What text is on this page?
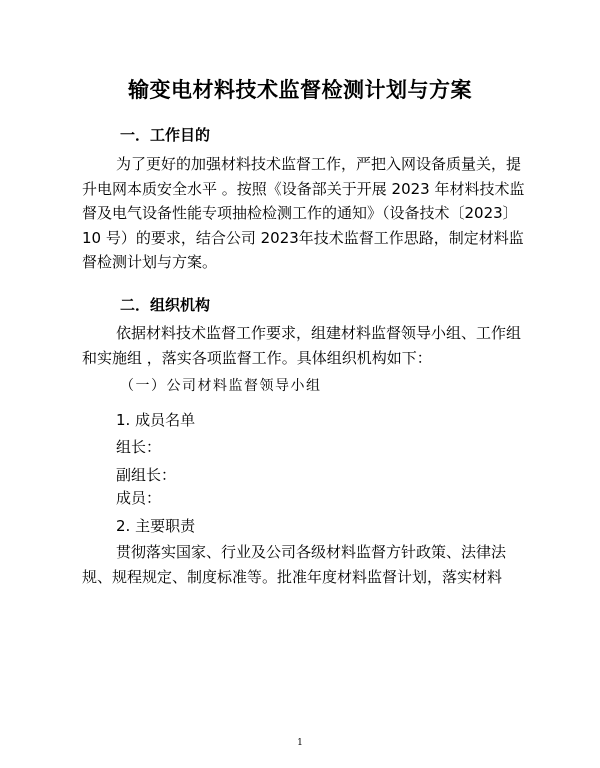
输变电材料技术监督检测计划与方案
一．工作目的
为了更好的加强材料技术监督工作，严把入网设备质量关，提升电网本质安全水平 。按照《设备部关于开展 2023 年材料技术监督及电气设备性能专项抽检检测工作的通知》（设备技术〔2023〕10 号）的要求，结合公司 2023年技术监督工作思路，制定材料监督检测计划与方案。
二．组织机构
依据材料技术监督工作要求，组建材料监督领导小组、工作组和实施组 ，落实各项监督工作。具体组织机构如下：
（一）公司材料监督领导小组
1. 成员名单
组长：
副组长：
成员：
2. 主要职责
贯彻落实国家、行业及公司各级材料监督方针政策、法律法规、规程规定、制度标准等。批准年度材料监督计划，落实材料
1
